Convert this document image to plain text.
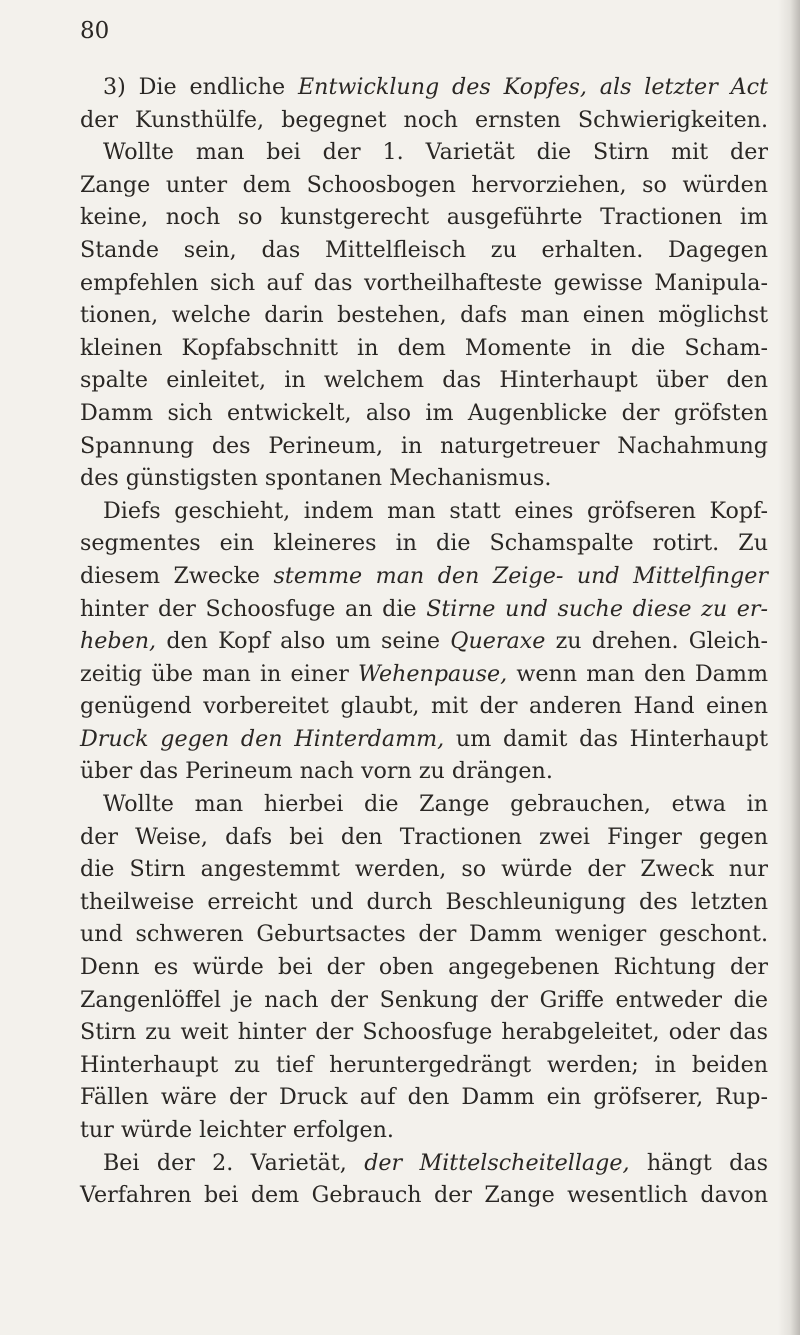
80
3) Die endliche Entwicklung des Kopfes, als letzter Act
der Kunsthülfe, begegnet noch ernsten Schwierigkeiten.
Wollte man bei der 1. Varietät die Stirn mit der
Zange unter dem Schoosbogen hervorziehen, so würden
keine, noch so kunstgerecht ausgeführte Tractionen im
Stande sein, das Mittelfleisch zu erhalten. Dagegen
empfehlen sich auf das vortheilhafteste gewisse Manipula-
tionen, welche darin bestehen, dafs man einen möglichst
kleinen Kopfabschnitt in dem Momente in die Scham-
spalte einleitet, in welchem das Hinterhaupt über den
Damm sich entwickelt, also im Augenblicke der gröfsten
Spannung des Perineum, in naturgetreuer Nachahmung
des günstigsten spontanen Mechanismus.
Diefs geschieht, indem man statt eines gröfseren Kopf-
segmentes ein kleineres in die Schamspalte rotirt. Zu
diesem Zwecke stemme man den Zeige- und Mittelfinger
hinter der Schoosfuge an die Stirne und suche diese zu er-
heben, den Kopf also um seine Queraxe zu drehen. Gleich-
zeitig übe man in einer Wehenpause, wenn man den Damm
genügend vorbereitet glaubt, mit der anderen Hand einen
Druck gegen den Hinterdamm, um damit das Hinterhaupt
über das Perineum nach vorn zu drängen.
Wollte man hierbei die Zange gebrauchen, etwa in
der Weise, dafs bei den Tractionen zwei Finger gegen
die Stirn angestemmt werden, so würde der Zweck nur
theilweise erreicht und durch Beschleunigung des letzten
und schweren Geburtsactes der Damm weniger geschont.
Denn es würde bei der oben angegebenen Richtung der
Zangenlöffel je nach der Senkung der Griffe entweder die
Stirn zu weit hinter der Schoosfuge herabgeleitet, oder das
Hinterhaupt zu tief heruntergedrängt werden; in beiden
Fällen wäre der Druck auf den Damm ein gröfserer, Rup-
tur würde leichter erfolgen.
Bei der 2. Varietät, der Mittelscheitellage, hängt das
Verfahren bei dem Gebrauch der Zange wesentlich davon
